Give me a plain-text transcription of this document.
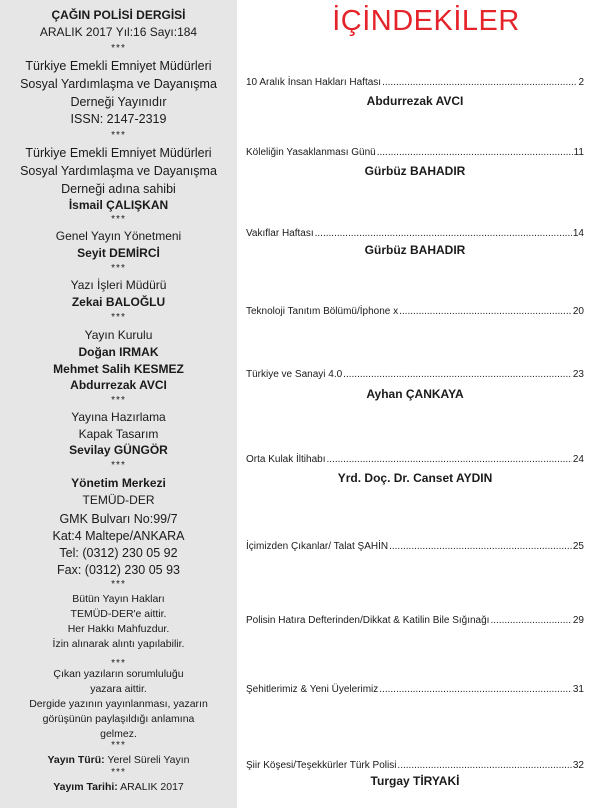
ÇAĞIN POLİSİ DERGİSİ
ARALIK 2017 Yıl:16 Sayı:184
***
Türkiye Emekli Emniyet Müdürleri
Sosyal Yardımlaşma ve Dayanışma
Derneği Yayınıdır
ISSN: 2147-2319
***
Türkiye Emekli Emniyet Müdürleri
Sosyal Yardımlaşma ve Dayanışma
Derneği adına sahibi
İsmail ÇALIŞKAN
***
Genel Yayın Yönetmeni
Seyit DEMİRCİ
***
Yazı İşleri Müdürü
Zekai BALOĞLU
***
Yayın Kurulu
Doğan IRMAK
Mehmet Salih KESMEZ
Abdurrezak AVCI
***
Yayına Hazırlama
Kapak Tasarım
Sevilay GÜNGÖR
***
Yönetim Merkezi
TEMÜD-DER
GMK Bulvarı No:99/7
Kat:4 Maltepe/ANKARA
Tel: (0312) 230 05 92
Fax: (0312) 230 05 93
***
Bütün Yayın Hakları
TEMÜD-DER'e aittir.
Her Hakkı Mahfuzdur.
İzin alınarak alıntı yapılabilir.
***
Çıkan yazıların sorumluluğu
yazara aittir.
Dergide yazının yayınlanması, yazarın
görüşünün paylaşıldığı anlamına
gelmez.
***
Yayın Türü: Yerel Süreli Yayın
***
Yayım Tarihi: ARALIK 2017
İÇİNDEKİLER
10 Aralık İnsan Hakları Haftası .....	2
Abdurrezak AVCI
Köleliğin Yasaklanması Günü .....	11
Gürbüz BAHADIR
Vakıflar Haftası .....	14
Gürbüz BAHADIR
Teknoloji Tanıtım Bölümü/İphone x .....	20
Türkiye ve Sanayi 4.0 .....	23
Ayhan ÇANKAYA
Orta Kulak İltihabı .....	24
Yrd. Doç. Dr. Canset AYDIN
İçimizden Çıkanlar/ Talat ŞAHİN .....	25
Polisin Hatıra Defterinden/Dikkat & Katilin Bile Sığınağı .....	29
Şehitlerimiz & Yeni Üyelerimiz .....	31
Şiir Köşesi/Teşekkürler Türk Polisi .....	32
Turgay TİRYAKİ
